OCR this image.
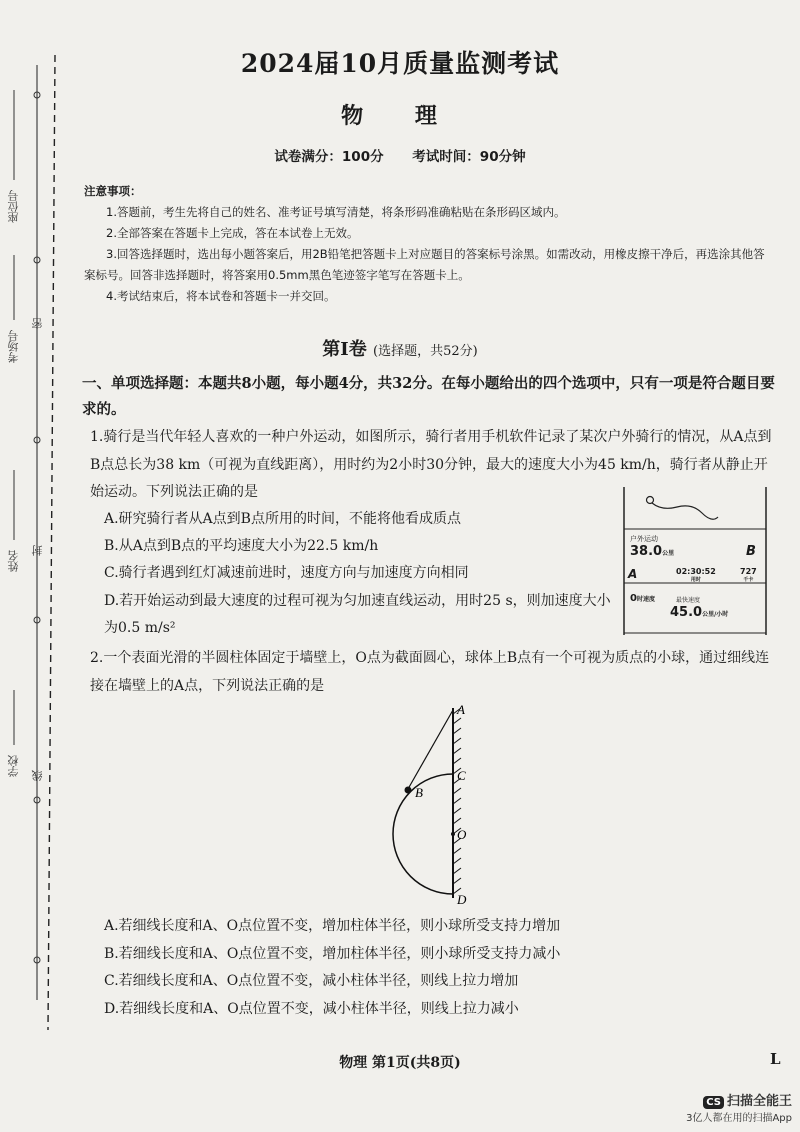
座位号
考场号
姓名
学校
密
封
线
2024届10月质量监测考试
物 理
试卷满分：100分 考试时间：90分钟
注意事项：
1.答题前，考生先将自己的姓名、准考证号填写清楚，将条形码准确粘贴在条形码区域内。
2.全部答案在答题卡上完成，答在本试卷上无效。
3.回答选择题时，选出每小题答案后，用2B铅笔把答题卡上对应题目的答案标号涂黑。如需改动，用橡皮擦干净后，再选涂其他答案标号。回答非选择题时，将答案用0.5mm黑色笔迹签字笔写在答题卡上。
4.考试结束后，将本试卷和答题卡一并交回。
第Ⅰ卷 (选择题，共52分)
一、单项选择题：本题共8小题，每小题4分，共32分。在每小题给出的四个选项中，只有一项是符合题目要求的。
1.骑行是当代年轻人喜欢的一种户外运动，如图所示，骑行者用手机软件记录了某次户外骑行的情况，从A点到B点总长为38 km（可视为直线距离），用时约为2小时30分钟，最大的速度大小为45 km/h，骑行者从静止开始运动。下列说法正确的是
A.研究骑行者从A点到B点所用的时间，不能将他看成质点
B.从A点到B点的平均速度大小为22.5 km/h
C.骑行者遇到红灯减速前进时，速度方向与加速度方向相同
D.若开始运动到最大速度的过程可视为匀加速直线运动，用时25 s，则加速度大小为0.5 m/s²
户外运动
38.0公里	B
A	02:30:52
用时
727
千卡
0时速度	最快速度
45.0公里/小时
2.一个表面光滑的半圆柱体固定于墙壁上，O点为截面圆心，球体上B点有一个可视为质点的小球，通过细线连接在墙壁上的A点，下列说法正确的是
A
C
B
O
D
A.若细线长度和A、O点位置不变，增加柱体半径，则小球所受支持力增加
B.若细线长度和A、O点位置不变，增加柱体半径，则小球所受支持力减小
C.若细线长度和A、O点位置不变，减小柱体半径，则线上拉力增加
D.若细线长度和A、O点位置不变，减小柱体半径，则线上拉力减小
物理 第1页(共8页)	L
CS 扫描全能王
3亿人都在用的扫描App
